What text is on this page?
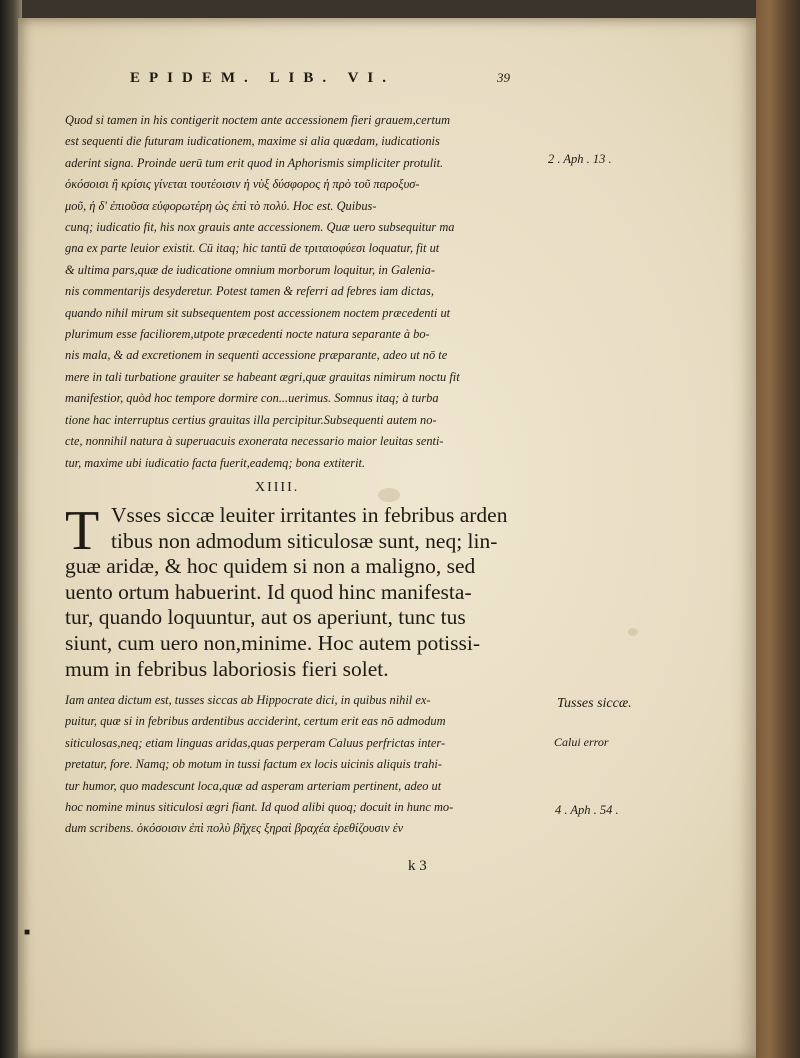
EPIDEM. LIB. VI.	39
Quod si tamen in his contigerit noctem ante accessionem fieri grauem,certum
est sequenti die futuram iudicationem, maxime si alia quædam, iudicationis
aderint signa. Proinde uerū tum erit quod in Aphorismis simpliciter protulit.
ὁκόσοισι ἢ κρίσις γίνεται τουτέοισιν ἡ νὺξ δύσφορος ἡ πρὸ τοῦ παροξυσ-
μοῦ, ἡ δ' ἐπιοῦσα εὐφορωτέρη ὡς ἐπὶ τὸ πολύ. Hoc est. Quibus-
cunq; iudicatio fit, his nox grauis ante accessionem. Quæ uero subsequitur ma
gna ex parte leuior existit. Cū itaq; hic tantū de τριταιοφύεσι loquatur, fit ut
& ultima pars,quæ de iudicatione omnium morborum loquitur, in Galenia-
nis commentarijs desyderetur. Potest tamen & referri ad febres iam dictas,
quando nihil mirum sit subsequentem post accessionem noctem præcedenti ut
plurimum esse faciliorem,utpote præcedenti nocte natura separante à bo-
nis mala, & ad excretionem in sequenti accessione præparante, adeo ut nō te
mere in tali turbatione grauiter se habeant ægri,quæ grauitas nimirum noctu fit
manifestior, quòd hoc tempore dormire con...uerimus. Somnus itaq; à turba
tione hac interruptus certius grauitas illa percipitur.Subsequenti autem no-
cte, nonnihil natura à superuacuis exonerata necessario maior leuitas senti-
tur, maxime ubi iudicatio facta fuerit,eademq; bona extiterit.
XIIII.
T Vsses siccæ leuiter irritantes in febribus arden
tibus non admodum siticulosæ sunt, neq; lin-
guæ aridæ, & hoc quidem si non a maligno, sed
uento ortum habuerint. Id quod hinc manifesta-
tur, quando loquuntur, aut os aperiunt, tunc tus
siunt, cum uero non,minime. Hoc autem potissi-
mum in febribus laboriosis fieri solet.
Iam antea dictum est, tusses siccas ab Hippocrate dici, in quibus nihil ex-
puitur, quæ si in febribus ardentibus acciderint, certum erit eas nō admodum
siticulosas,neq; etiam linguas aridas,quas perperam Caluus perfrictas inter-
pretatur, fore. Namq; ob motum in tussi factum ex locis uicinis aliquis trahi-
tur humor, quo madescunt loca,quæ ad asperam arteriam pertinent, adeo ut
hoc nomine minus siticulosi ægri fiant. Id quod alibi quoq; docuit in hunc mo-
dum scribens. ὁκόσοισιν ἐπὶ πολὺ βῆχες ξηραὶ βραχέα ἐρεθίζουσιν ἐν
2 . Aph . 13 .
Tusses siccæ.
Calui error
4 . Aph . 54 .
k 3
■
